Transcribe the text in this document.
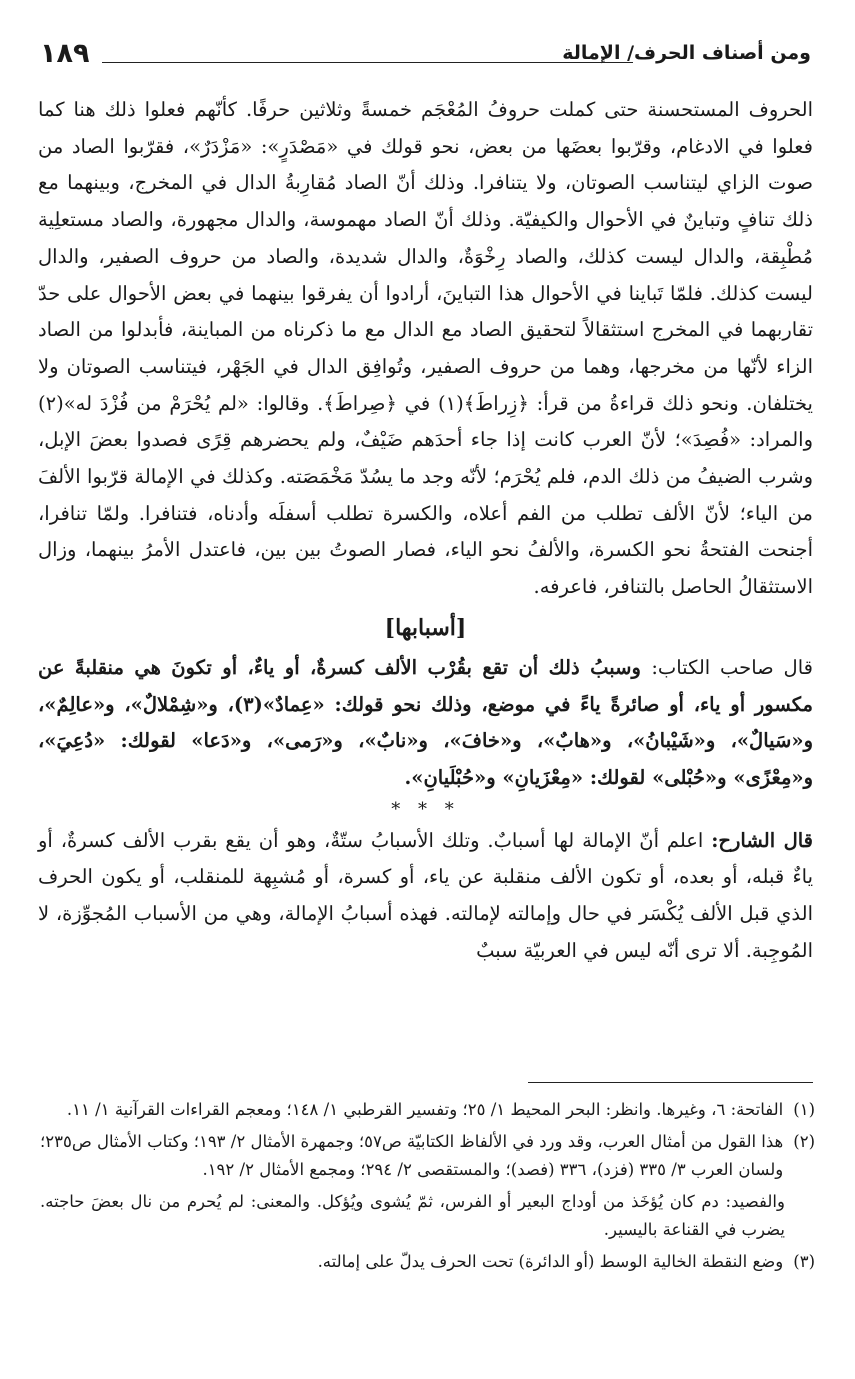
ومن أصناف الحرف/ الإمالة
١٨٩

الحروف المستحسنة حتى كملت حروفُ المُعْجَم خمسةً وثلاثين حرفًا. كأنّهم فعلوا ذلك هنا كما فعلوا في الادغام، وقرّبوا بعضَها من بعض، نحو قولك في «مَصْدَرٍ»: «مَزْدَرٌ»، فقرّبوا الصاد من صوت الزاي ليتناسب الصوتان، ولا يتنافرا. وذلك أنّ الصاد مُقارِبةُ الدال في المخرج، وبينهما مع ذلك تنافٍ وتباينٌ في الأحوال والكيفيّة. وذلك أنّ الصاد مهموسة، والدال مجهورة، والصاد مستعلِية مُطْبِقة، والدال ليست كذلك، والصاد رِخْوَةٌ، والدال شديدة، والصاد من حروف الصفير، والدال ليست كذلك. فلمّا تَباينا في الأحوال هذا التباينَ، أرادوا أن يفرقوا بينهما في بعض الأحوال على حدّ تقاربهما في المخرج استثقالاً لتحقيق الصاد مع الدال مع ما ذكرناه من المباينة، فأبدلوا من الصاد الزاء لأنّها من مخرجها، وهما من حروف الصفير، وتُوافِق الدال في الجَهْر، فيتناسب الصوتان ولا يختلفان. ونحو ذلك قراءةُ من قرأ: ﴿زِراطَ﴾(١) في ﴿صِراطَ﴾. وقالوا: «لم يُحْرَمْ من فُزْدَ له»(٢) والمراد: «فُصِدَ»؛ لأنّ العرب كانت إذا جاء أحدَهم ضَيْفٌ، ولم يحضرهم قِرًى فصدوا بعضَ الإبل، وشرب الضيفُ من ذلك الدم، فلم يُحْرَم؛ لأنّه وجد ما يسُدّ مَخْمَصَته. وكذلك في الإمالة قرّبوا الألفَ من الياء؛ لأنّ الألف تطلب من الفم أعلاه، والكسرة تطلب أسفلَه وأدناه، فتنافرا. ولمّا تنافرا، أجنحت الفتحةُ نحو الكسرة، والألفُ نحو الياء، فصار الصوتُ بين بين، فاعتدل الأمرُ بينهما، وزال الاستثقالُ الحاصل بالتنافر، فاعرفه.

[أسبابها]

قال صاحب الكتاب: وسببُ ذلك أن تقع بقُرْب الألف كسرةٌ، أو ياءٌ، أو تكونَ هي منقلبةً عن مكسور أو ياء، أو صائرةً ياءً في موضع، وذلك نحو قولك: «عِمادٌ»(٣)، و«شِمْلالٌ»، و«عالِمٌ»، و«سَيالٌ»، و«شَيْبانُ»، و«هابٌ»، و«خافَ»، و«نابٌ»، و«رَمى»، و«دَعا» لقولك: «دُعِيَ»، و«مِعْزًى» و«حُبْلى» لقولك: «مِعْزَيانِ» و«حُبْلَيانِ».

* * *

قال الشارح: اعلم أنّ الإمالة لها أسبابٌ. وتلك الأسبابُ ستّةٌ، وهو أن يقع بقرب الألف كسرةٌ، أو ياءٌ قبله، أو بعده، أو تكون الألف منقلبة عن ياء، أو كسرة، أو مُشبِهة للمنقلب، أو يكون الحرف الذي قبل الألف يُكْسَر في حال وإمالته لإمالته. فهذه أسبابُ الإمالة، وهي من الأسباب المُجوِّزة، لا المُوجِبة. ألا ترى أنّه ليس في العربيّة سببٌ

(١)
الفاتحة: ٦، وغيرها. وانظر: البحر المحيط ١/ ٢٥؛ وتفسير القرطبي ١/ ١٤٨؛ ومعجم القراءات القرآنية ١/ ١١.
(٢)
هذا القول من أمثال العرب، وقد ورد في الألفاظ الكتابيّة ص٥٧؛ وجمهرة الأمثال ٢/ ١٩٣؛ وكتاب الأمثال ص٢٣٥؛ ولسان العرب ٣/ ٣٣٥ (فزد)، ٣٣٦ (فصد)؛ والمستقصى ٢/ ٢٩٤؛ ومجمع الأمثال ٢/ ١٩٢.
والفصيد: دم كان يُؤخَذ من أوداج البعير أو الفرس، ثمّ يُشوى ويُؤكل. والمعنى: لم يُحرم من نال بعضَ حاجته. يضرب في القناعة باليسير.
(٣)
وضع النقطة الخالية الوسط (أو الدائرة) تحت الحرف يدلّ على إمالته.
